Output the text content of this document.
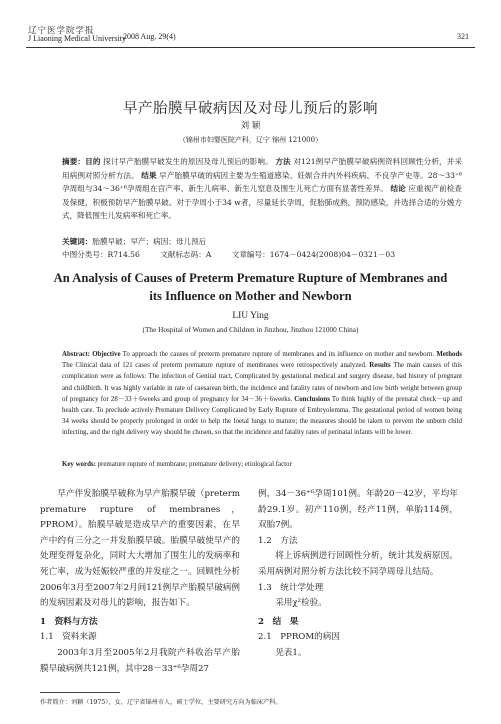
辽宁医学院学报
J Liaoning Medical University
2008 Aug. 29(4)	321
早产胎膜早破病因及对母儿预后的影响
刘 颖
（锦州市妇婴医院产科，辽宁 锦州 121000）
摘要：目的 探讨早产胎膜早破发生的原因及母儿预后的影响。 方法 对121例早产胎膜早破病例资料回顾性分析，并采用病例对照分析方法。 结果 早产胎膜早破的病因主要为生殖道感染、妊娠合并内外科疾病、不良孕产史等。28～33⁺⁶孕周组与34～36⁺⁶孕周组在宫产率、新生儿病率、新生儿窒息及围生儿死亡方面有显著性差异。 结论 应重视产前检查及保健，积极预防早产胎膜早破。对于孕周小于34 w者，尽量延长孕周，促胎肺成熟，预防感染，并选择合适的分娩方式，降低围生儿发病率和死亡率。
关键词：胎膜早破；早产；病因；母儿预后
中图分类号：R714.56	文献标志码：A	文章编号：1674－0424(2008)04－0321－03
An Analysis of Causes of Preterm Premature Rupture of Membranes and
its Influence on Mother and Newborn
LIU Ying
(The Hospital of Women and Children in Jinzhou, Jinzhou 121000 China)
Abstract: Objective To approach the causes of preterm premature rupture of membranes and its influence on mother and newborn. Methods The Clinical data of 121 cases of preterm premature rupture of membranes were retrospectively analyzed. Results The main causes of this complication were as follows: The infection of Genital tract, Complicated by gestational medical and surgery disease, bad history of pregnant and childbirth. It was highly variable in rate of caesarean birth, the incidence and fatality rates of newborn and low birth weight between group of pregnancy for 28－33＋6weeks and group of pregnancy for 34－36＋6weeks. Conclusions To think highly of the prenatal check－up and health care. To preclude actively Premature Delivery Complicated by Early Rupture of Embryolemma. The gestational period of women being 34 weeks should be properly prolonged in order to help the foetal lungs to mature; the measures should be taken to prevent the unborn child infecting, and the right delivery way should be chosen, so that the incidence and fatality rates of perinatal infants will be lower.
Key words: premature rupture of membrane; premature delivery; etiological factor

早产伴发胎膜早破称为早产胎膜早破（preterm premature rupture of membranes，PPROM）。胎膜早破是造成早产的重要因素，在早产中约有三分之一并发胎膜早破。胎膜早破使早产的处理变得复杂化，同时大大增加了围生儿的发病率和死亡率，成为妊娠较严重的并发症之一。回顾性分析2006年3月至2007年2月间121例早产胎膜早破病例的发病因素及对母儿的影响，报告如下。

1　资料与方法

1.1　资料来源

2003年3月至2005年2月我院产科收治早产胎膜早破病例共121例，其中28－33⁺⁶孕周27

例，34－36⁺⁶孕周101例。年龄20－42岁，平均年龄29.1岁。初产110例，经产11例，单胎114例，双胎7例。

1.2　方法

将上诉病例进行回顾性分析，统计其发病原因。采用病例对照分析方法比较不同孕周母儿结局。

1.3　统计学处理

采用χ²检验。

2　结　果

2.1　PPROM的病因

见表1。

作者简介：刘颖（1975），女，辽宁省锦州市人，硕士学位，主要研究方向为临床产科。
